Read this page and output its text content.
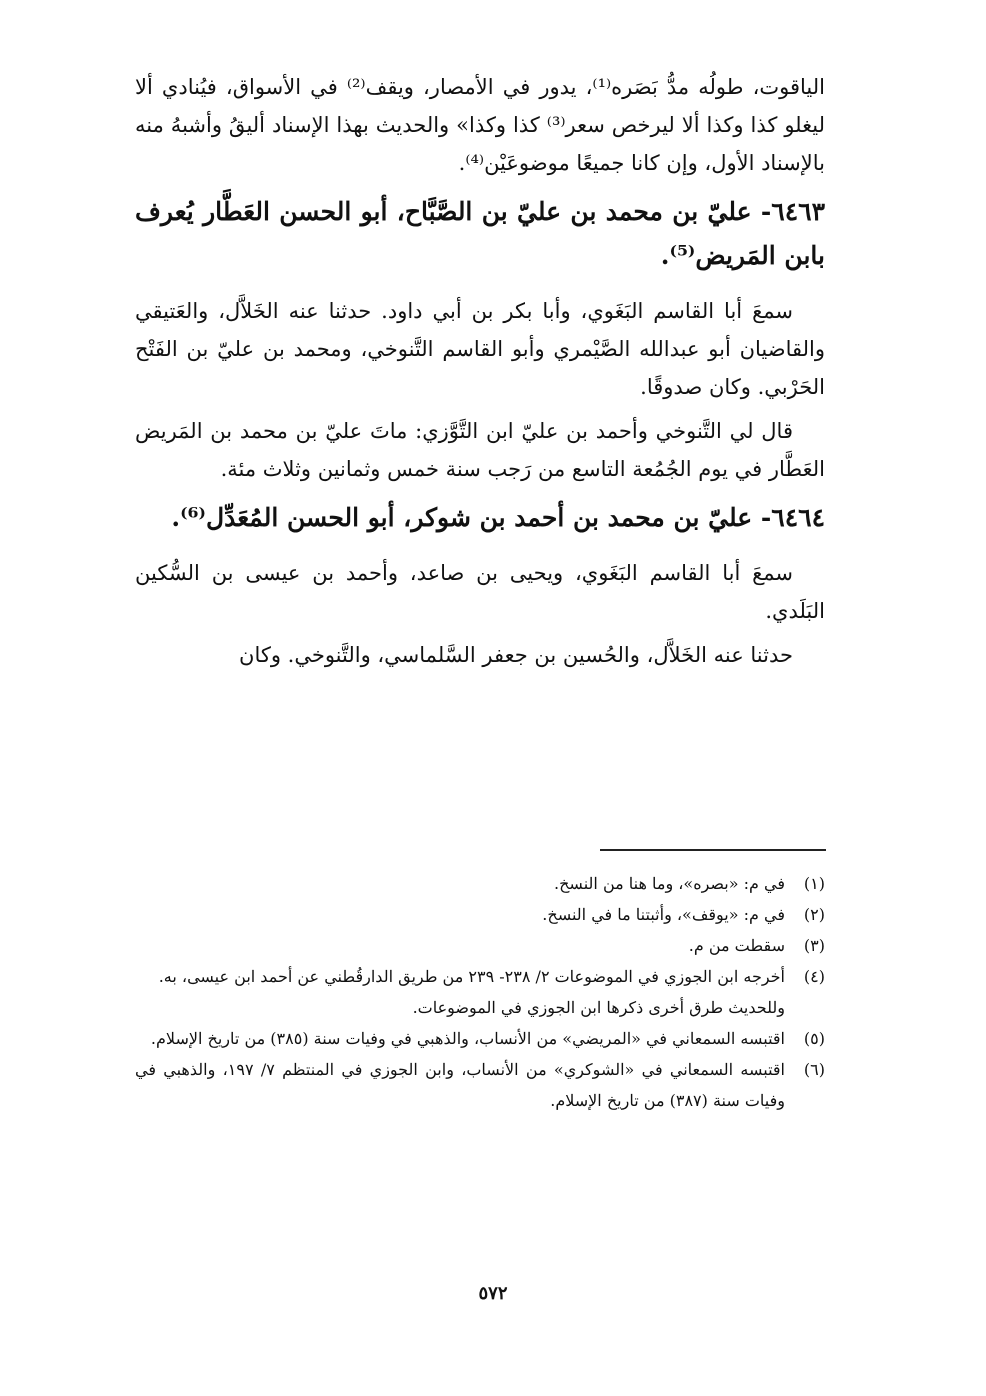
الياقوت، طولُه مدُّ بَصَره⁽¹⁾، يدور في الأمصار، ويقف⁽²⁾ في الأسواق، فيُنادي ألا ليغلو كذا وكذا ألا ليرخص سعر⁽³⁾ كذا وكذا» والحديث بهذا الإسناد أليقُ وأشبهُ منه بالإسناد الأول، وإن كانا جميعًا موضوعَيْن⁽⁴⁾.

٦٤٦٣- عليّ بن محمد بن عليّ بن الصَّبَّاح، أبو الحسن العَطَّار يُعرف بابن المَريض⁽⁵⁾.

سمعَ أبا القاسم البَغَوي، وأبا بكر بن أبي داود. حدثنا عنه الخَلاَّل، والعَتيقي والقاضيان أبو عبدالله الصَّيْمري وأبو القاسم التَّنوخي، ومحمد بن عليّ بن الفَتْح الحَرْبي. وكان صدوقًا.

قال لي التَّنوخي وأحمد بن عليّ ابن التَّوَّزي: ماتَ عليّ بن محمد بن المَريض العَطَّار في يوم الجُمُعة التاسع من رَجب سنة خمس وثمانين وثلاث مئة.

٦٤٦٤- عليّ بن محمد بن أحمد بن شوكر، أبو الحسن المُعَدِّل⁽⁶⁾.

سمعَ أبا القاسم البَغَوي، ويحيى بن صاعد، وأحمد بن عيسى بن السُّكين البَلَدي.

حدثنا عنه الخَلاَّل، والحُسين بن جعفر السَّلماسي، والتَّنوخي. وكان

(١)
في م: «بصره»، وما هنا من النسخ.
(٢)
في م: «يوقف»، وأثبتنا ما في النسخ.
(٣)
سقطت من م.
(٤)
أخرجه ابن الجوزي في الموضوعات ٢/ ٢٣٨- ٢٣٩ من طريق الدارقُطني عن أحمد ابن عيسى، به.
وللحديث طرق أخرى ذكرها ابن الجوزي في الموضوعات.
(٥)
اقتبسه السمعاني في «المريضي» من الأنساب، والذهبي في وفيات سنة (٣٨٥) من تاريخ الإسلام.
(٦)
اقتبسه السمعاني في «الشوكري» من الأنساب، وابن الجوزي في المنتظم ٧/ ١٩٧، والذهبي في وفيات سنة (٣٨٧) من تاريخ الإسلام.
٥٧٢
